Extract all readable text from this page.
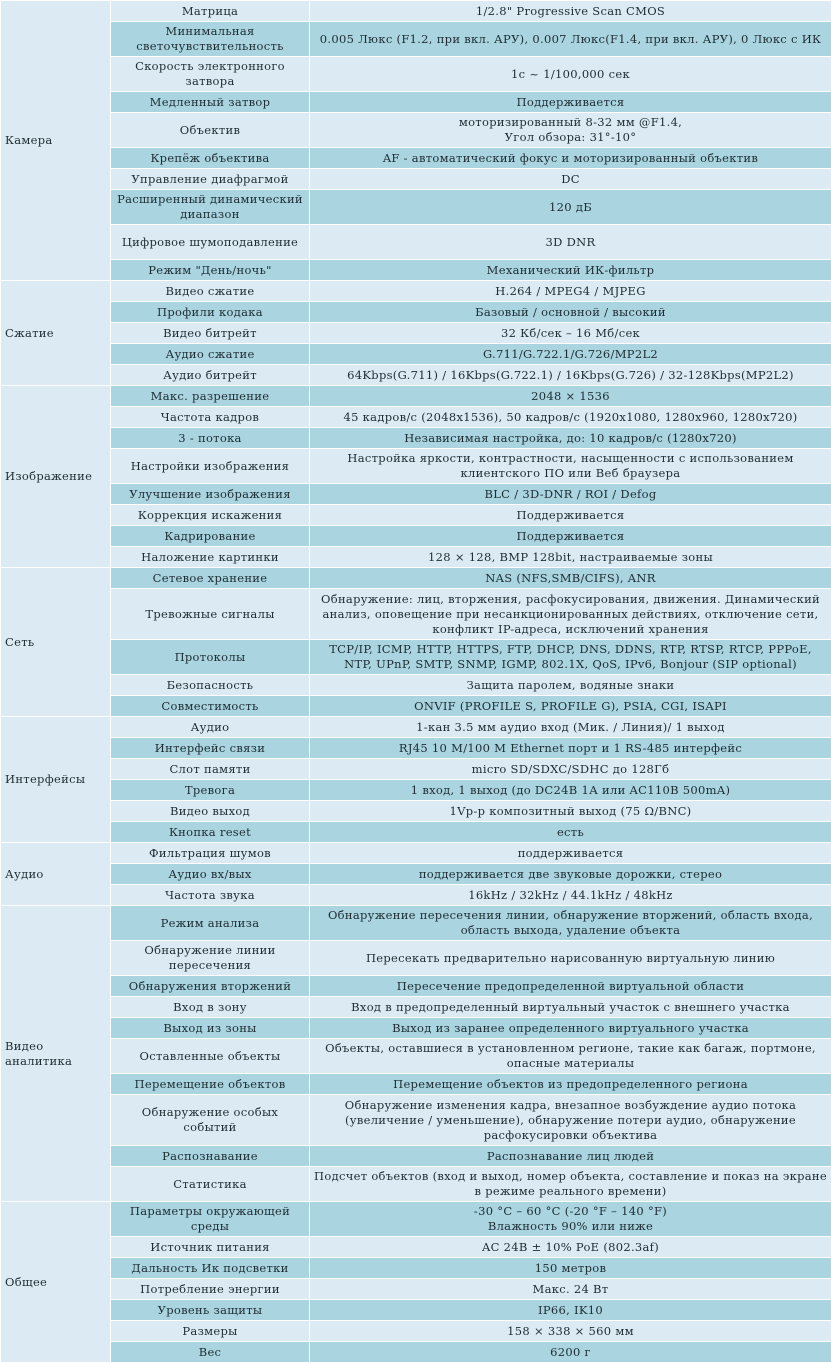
Камера	Матрица	1/2.8" Progressive Scan CMOS
	Минимальная светочувствительность	0.005 Люкс (F1.2, при вкл. АРУ), 0.007 Люкс(F1.4, при вкл. АРУ), 0 Люкс с ИК
	Скорость электронного затвора	1с ~ 1/100,000 сек
	Медленный затвор	Поддерживается
	Объектив	моторизированный 8-32 мм @F1.4,
Угол обзора: 31°-10°
	Крепёж объектива	AF - автоматический фокус и моторизированный объектив
	Управление диафрагмой	DC
	Расширенный динамический диапазон	120 дБ
	Цифровое шумоподавление	3D DNR
	Режим "День/ночь"	Механический ИК-фильтр
Сжатие	Видео сжатие	H.264 / MPEG4 / MJPEG
	Профили кодака	Базовый / основной / высокий
	Видео битрейт	32 Кб/сек – 16 Мб/сек
	Аудио сжатие	G.711/G.722.1/G.726/MP2L2
	Аудио битрейт	64Kbps(G.711) / 16Kbps(G.722.1) / 16Kbps(G.726) / 32-128Kbps(MP2L2)
Изображение	Макс. разрешение	2048 × 1536
	Частота кадров	45 кадров/с (2048x1536), 50 кадров/с (1920x1080, 1280x960, 1280x720)
	3 - потока	Независимая настройка, до: 10 кадров/с (1280x720)
	Настройки изображения	Настройка яркости, контрастности, насыщенности с использованием клиентского ПО или Веб браузера
	Улучшение изображения	BLC / 3D-DNR / ROI / Defog
	Коррекция искажения	Поддерживается
	Кадрирование	Поддерживается
	Наложение картинки	128 × 128, BMP 128bit, настраиваемые зоны
Сеть	Сетевое хранение	NAS (NFS,SMB/CIFS), ANR
	Тревожные сигналы	Обнаружение: лиц, вторжения, расфокусирования, движения. Динамический анализ, оповещение при несанкционированных действиях, отключение сети, конфликт IP-адреса, исключений хранения
	Протоколы	TCP/IP, ICMP, HTTP, HTTPS, FTP, DHCP, DNS, DDNS, RTP, RTSP, RTCP, PPPoE, NTP, UPnP, SMTP, SNMP, IGMP, 802.1X, QoS, IPv6, Bonjour (SIP optional)
	Безопасность	Защита паролем, водяные знаки
	Совместимость	ONVIF (PROFILE S, PROFILE G), PSIA, CGI, ISAPI
Интерфейсы	Аудио	1-кан 3.5 мм аудио вход (Мик. / Линия)/ 1 выход
	Интерфейс связи	RJ45 10 M/100 M Ethernet порт и 1 RS-485 интерфейс
	Слот памяти	micro SD/SDXC/SDHC до 128Гб
	Тревога	1 вход, 1 выход (до DC24В 1А или AC110В 500mA)
	Видео выход	1Vp-p композитный выход (75 Ω/BNC)
	Кнопка reset	есть
Аудио	Фильтрация шумов	поддерживается
	Аудио вх/вых	поддерживается две звуковые дорожки, стерео
	Частота звука	16kHz / 32kHz / 44.1kHz / 48kHz
Видео аналитика	Режим анализа	Обнаружение пересечения линии, обнаружение вторжений, область входа, область выхода, удаление объекта
	Обнаружение линии пересечения	Пересекать предварительно нарисованную виртуальную линию
	Обнаружения вторжений	Пересечение предопределенной виртуальной области
	Вход в зону	Вход в предопределенный виртуальный участок с внешнего участка
	Выход из зоны	Выход из заранее определенного виртуального участка
	Оставленные объекты	Объекты, оставшиеся в установленном регионе, такие как багаж, портмоне, опасные материалы
	Перемещение объектов	Перемещение объектов из предопределенного региона
	Обнаружение особых событий	Обнаружение изменения кадра, внезапное возбуждение аудио потока (увеличение / уменьшение), обнаружение потери аудио, обнаружение расфокусировки объектива
	Распознавание	Распознавание лиц людей
	Статистика	Подсчет объектов (вход и выход, номер объекта, составление и показ на экране в режиме реального времени)
Общее	Параметры окружающей среды	-30 °C – 60 °C (-20 °F – 140 °F)
Влажность 90% или ниже
	Источник питания	AC 24В ± 10% PoE (802.3af)
	Дальность Ик подсветки	150 метров
	Потребление энергии	Макс. 24 Вт
	Уровень защиты	IP66, IK10
	Размеры	158 × 338 × 560 мм
	Вес	6200 г
